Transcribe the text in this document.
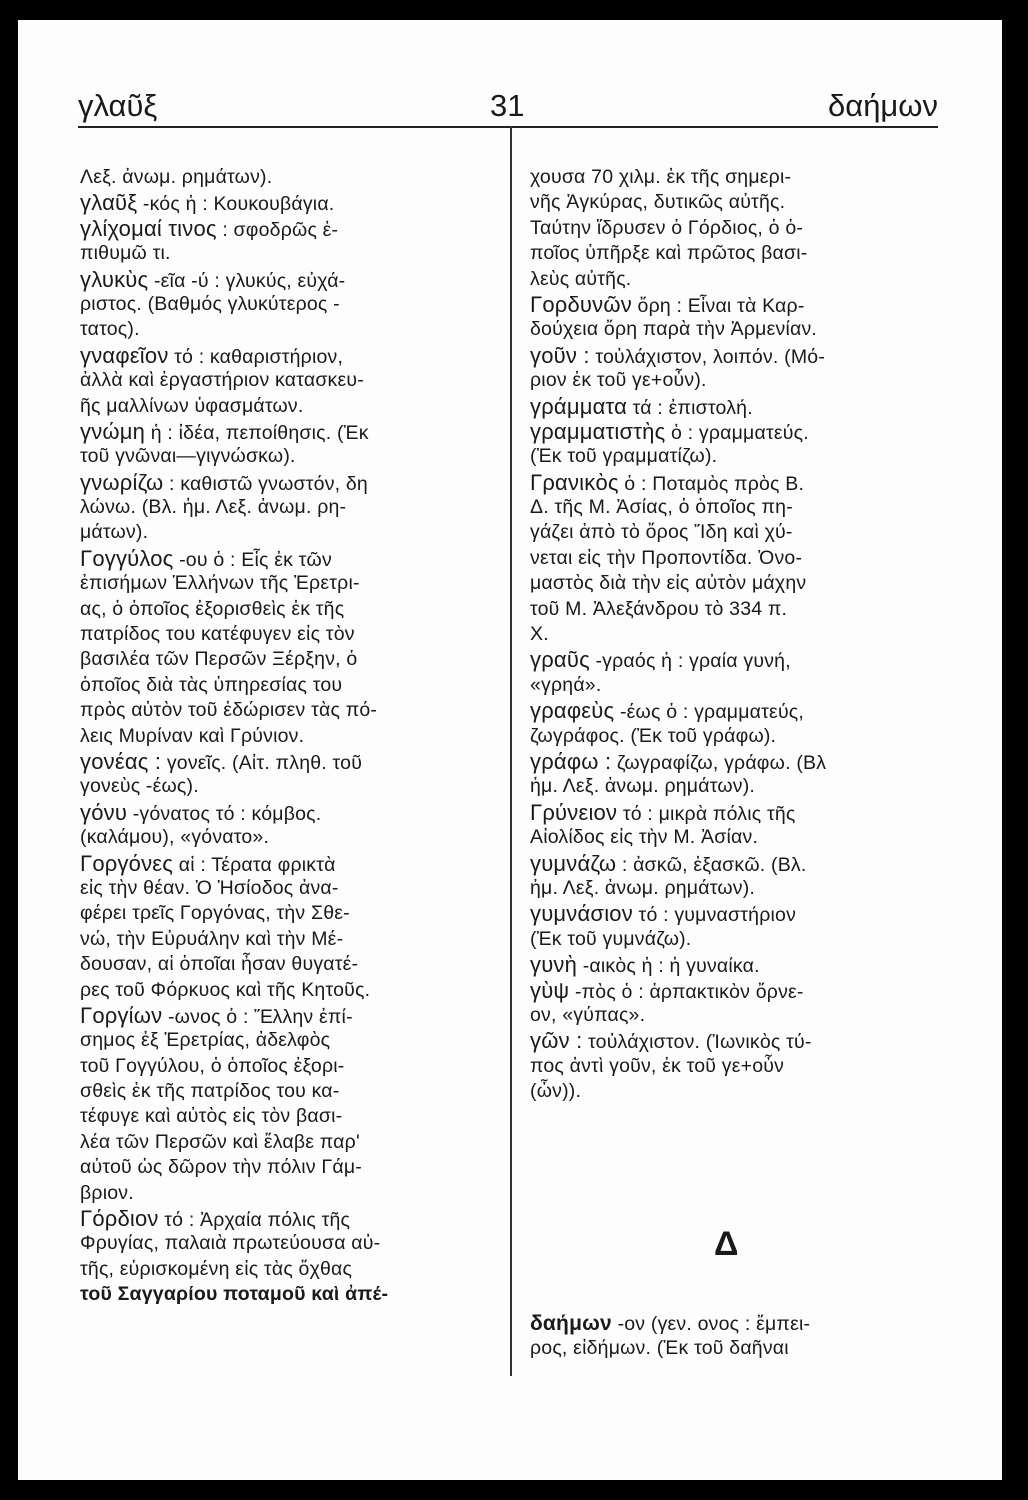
γλαῦξ	31	δαήμων
Λεξ. ἀνωμ. ρημάτων).
γλαῦξ -κός ἡ : Κουκουβάγια.
γλίχομαί τινος : σφοδρῶς ἐ-
πιθυμῶ τι.
γλυκὺς -εῖα -ύ : γλυκύς, εὐχά-
ριστος. (Βαθμός γλυκύτερος -
τατος).
γναφεῖον τό : καθαριστήριον,
ἀλλὰ καὶ ἐργαστήριον κατασκευ-
ῆς μαλλίνων ὑφασμάτων.
γνώμη ἡ : ἰδέα, πεποίθησις. (Ἐκ
τοῦ γνῶναι—γιγνώσκω).
γνωρίζω : καθιστῶ γνωστόν, δη
λώνω. (Βλ. ἠμ. Λεξ. ἀνωμ. ρη-
μάτων).
Γογγύλος -ου ὁ : Εἷς ἐκ τῶν
ἐπισήμων Ἑλλήνων τῆς Ἐρετρι-
ας, ὁ ὁποῖος ἐξορισθεὶς ἐκ τῆς
πατρίδος του κατέφυγεν εἰς τὸν
βασιλέα τῶν Περσῶν Ξέρξην, ὁ
ὁποῖος διὰ τὰς ὑπηρεσίας του
πρὸς αὐτὸν τοῦ ἐδώρισεν τὰς πό-
λεις Μυρίναν καὶ Γρύνιον.
γονέας : γονεῖς. (Αἰτ. πληθ. τοῦ
γονεὺς -έως).
γόνυ -γόνατος τό : κόμβος.
(καλάμου), «γόνατο».
Γοργόνες αἱ : Τέρατα φρικτὰ
εἰς τὴν θέαν. Ὁ Ἡσίοδος ἀνα-
φέρει τρεῖς Γοργόνας, τὴν Σθε-
νώ, τὴν Εὐρυάλην καὶ τὴν Μέ-
δουσαν, αἱ ὁποῖαι ἦσαν θυγατέ-
ρες τοῦ Φόρκυος καὶ τῆς Κητοῦς.
Γοργίων -ωνος ὁ : Ἕλλην ἐπί-
σημος ἐξ Ἐρετρίας, ἀδελφὸς
τοῦ Γογγύλου, ὁ ὁποῖος ἐξορι-
σθεὶς ἐκ τῆς πατρίδος του κα-
τέφυγε καὶ αὐτὸς εἰς τὸν βασι-
λέα τῶν Περσῶν καὶ ἔλαβε παρ'
αὐτοῦ ὡς δῶρον τὴν πόλιν Γάμ-
βριον.
Γόρδιον τό : Ἀρχαία πόλις τῆς
Φρυγίας, παλαιὰ πρωτεύουσα αὐ-
τῆς, εὑρισκομένη εἰς τὰς ὄχθας
τοῦ Σαγγαρίου ποταμοῦ καὶ ἀπέ-
χουσα 70 χιλμ. ἐκ τῆς σημερι-
νῆς Ἀγκύρας, δυτικῶς αὐτῆς.
Ταύτην ἵδρυσεν ὁ Γόρδιος, ὁ ὁ-
ποῖος ὑπῆρξε καὶ πρῶτος βασι-
λεὺς αὐτῆς.
Γορδυνῶν ὄρη : Εἶναι τὰ Καρ-
δούχεια ὄρη παρὰ τὴν Ἀρμενίαν.
γοῦν : τοὐλάχιστον, λοιπόν. (Μό-
ριον ἐκ τοῦ γε+οὖν).
γράμματα τά : ἐπιστολή.
γραμματιστὴς ὁ : γραμματεύς.
(Ἐκ τοῦ γραμματίζω).
Γρανικὸς ὁ : Ποταμὸς πρὸς Β.
Δ. τῆς Μ. Ἀσίας, ὁ ὁποῖος πη-
γάζει ἀπὸ τὸ ὄρος Ἴδη καὶ χύ-
νεται εἰς τὴν Προποντίδα. Ὀνο-
μαστὸς διὰ τὴν εἰς αὐτὸν μάχην
τοῦ Μ. Ἀλεξάνδρου τὸ 334 π.
Χ.
γραῦς -γραός ἡ : γραία γυνή,
«γρηά».
γραφεὺς -έως ὁ : γραμματεύς,
ζωγράφος. (Ἐκ τοῦ γράφω).
γράφω : ζωγραφίζω, γράφω. (Βλ
ἠμ. Λεξ. ἀνωμ. ρημάτων).
Γρύνειον τό : μικρὰ πόλις τῆς
Αἰολίδος εἰς τὴν Μ. Ἀσίαν.
γυμνάζω : ἀσκῶ, ἐξασκῶ. (Βλ.
ἠμ. Λεξ. ἀνωμ. ρημάτων).
γυμνάσιον τό : γυμναστήριον
(Ἐκ τοῦ γυμνάζω).
γυνὴ -αικὸς ἡ : ἡ γυναίκα.
γὺψ -πὸς ὁ : ἁρπακτικὸν ὄρνε-
ον, «γύπας».
γῶν : τοὐλάχιστον. (Ἰωνικὸς τύ-
πος ἀντὶ γοῦν, ἐκ τοῦ γε+οὖν
(ὦν)).
δαήμων -ον (γεν. ονος : ἔμπει-
ρος, εἰδήμων. (Ἐκ τοῦ δαῆναι
Δ
